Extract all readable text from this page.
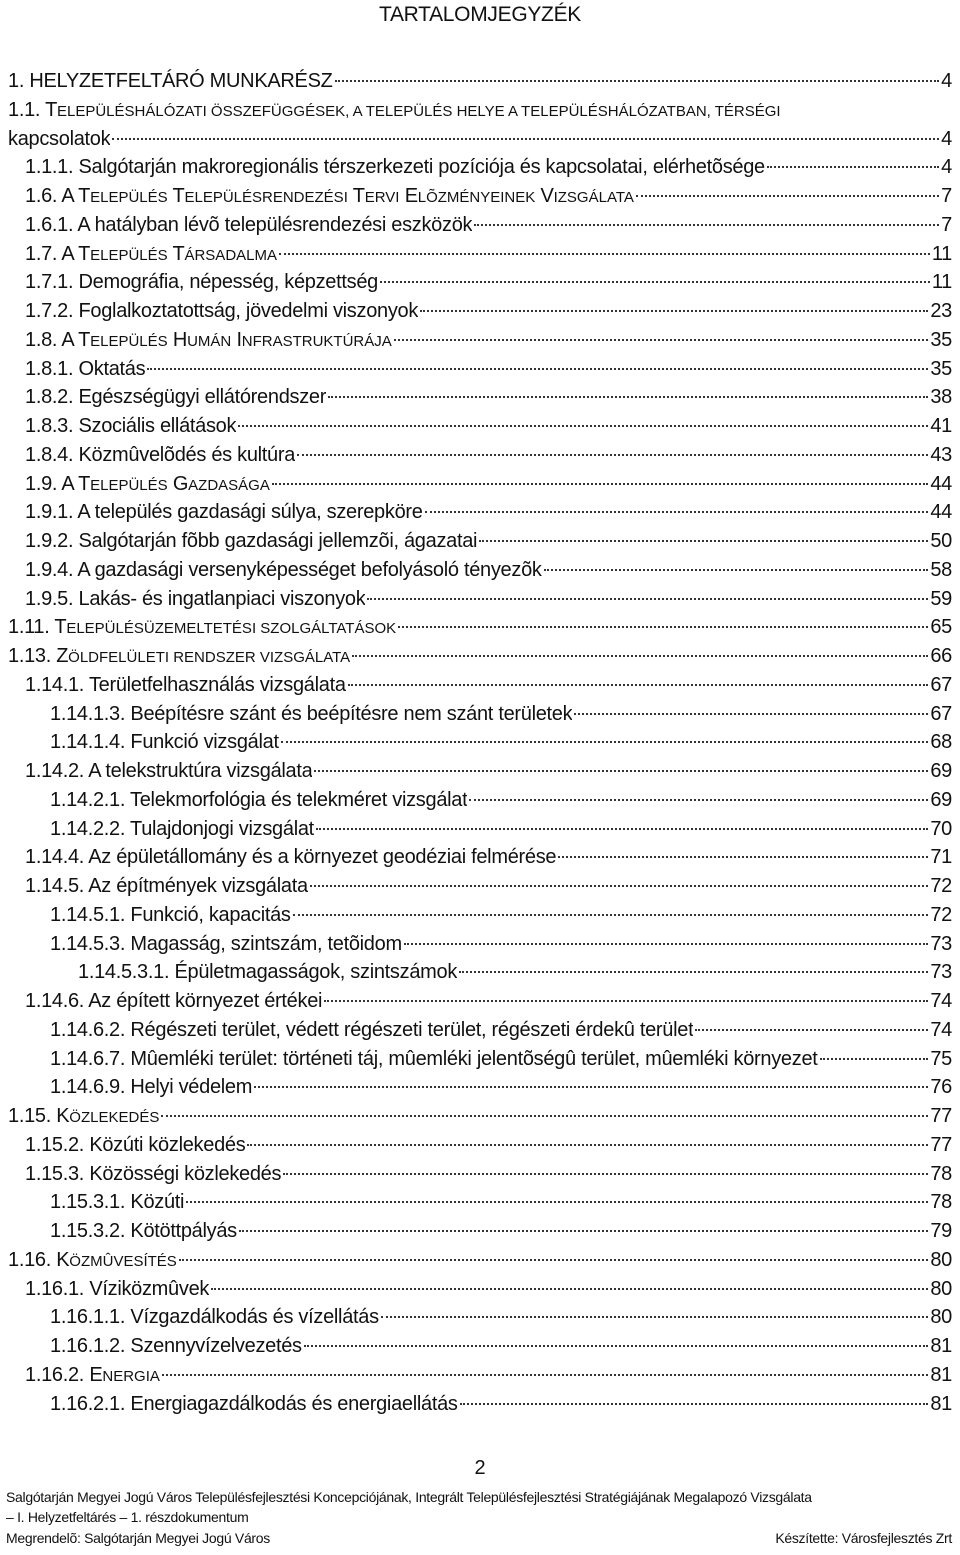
TARTALOMJEGYZÉK
1. HELYZETFELTÁRÓ MUNKARÉSZ	4
1.1. TELEPÜLÉSHÁLÓZATI ÖSSZEFÜGGÉSEK, A TELEPÜLÉS HELYE A TELEPÜLÉSHÁLÓZATBAN, TÉRSÉGI
kapcsolatok	4
1.1.1. Salgótarján makroregionális térszerkezeti pozíciója és kapcsolatai, elérhetõsége	4
1.6. A TELEPÜLÉS TELEPÜLÉSRENDEZÉSI TERVI ELÕZMÉNYEINEK VIZSGÁLATA	7
1.6.1. A hatályban lévõ településrendezési eszközök	7
1.7. A TELEPÜLÉS TÁRSADALMA	11
1.7.1. Demográfia, népesség, képzettség	11
1.7.2. Foglalkoztatottság, jövedelmi viszonyok	23
1.8. A TELEPÜLÉS HUMÁN INFRASTRUKTÚRÁJA	35
1.8.1. Oktatás	35
1.8.2. Egészségügyi ellátórendszer	38
1.8.3. Szociális ellátások	41
1.8.4. Közmûvelõdés és kultúra	43
1.9. A TELEPÜLÉS GAZDASÁGA	44
1.9.1. A település gazdasági súlya, szerepköre	44
1.9.2. Salgótarján fõbb gazdasági jellemzõi, ágazatai	50
1.9.4. A gazdasági versenyképességet befolyásoló tényezõk	58
1.9.5. Lakás- és ingatlanpiaci viszonyok	59
1.11. TELEPÜLÉSÜZEMELTETÉSI SZOLGÁLTATÁSOK	65
1.13. ZÖLDFELÜLETI RENDSZER VIZSGÁLATA	66
1.14.1. Területfelhasználás vizsgálata	67
1.14.1.3. Beépítésre szánt és beépítésre nem szánt területek	67
1.14.1.4. Funkció vizsgálat	68
1.14.2. A telekstruktúra vizsgálata	69
1.14.2.1. Telekmorfológia és telekméret vizsgálat	69
1.14.2.2. Tulajdonjogi vizsgálat	70
1.14.4. Az épületállomány és a környezet geodéziai felmérése	71
1.14.5. Az építmények vizsgálata	72
1.14.5.1. Funkció, kapacitás	72
1.14.5.3. Magasság, szintszám, tetõidom	73
1.14.5.3.1. Épületmagasságok, szintszámok	73
1.14.6. Az épített környezet értékei	74
1.14.6.2. Régészeti terület, védett régészeti terület, régészeti érdekû terület	74
1.14.6.7. Mûemléki terület: történeti táj, mûemléki jelentõségû terület, mûemléki környezet	75
1.14.6.9. Helyi védelem	76
1.15. KÖZLEKEDÉS	77
1.15.2. Közúti közlekedés	77
1.15.3. Közösségi közlekedés	78
1.15.3.1. Közúti	78
1.15.3.2. Kötöttpályás	79
1.16. KÖZMÛVESÍTÉS	80
1.16.1. Víziközmûvek	80
1.16.1.1. Vízgazdálkodás és vízellátás	80
1.16.1.2. Szennyvízelvezetés	81
1.16.2. ENERGIA	81
1.16.2.1. Energiagazdálkodás és energiaellátás	81
2
Salgótarján Megyei Jogú Város Településfejlesztési Koncepciójának, Integrált Településfejlesztési Stratégiájának Megalapozó Vizsgálata
– I. Helyzetfeltárés – 1. részdokumentum
Megrendelõ: Salgótarján Megyei Jogú Város	Készítette: Városfejlesztés Zrt
